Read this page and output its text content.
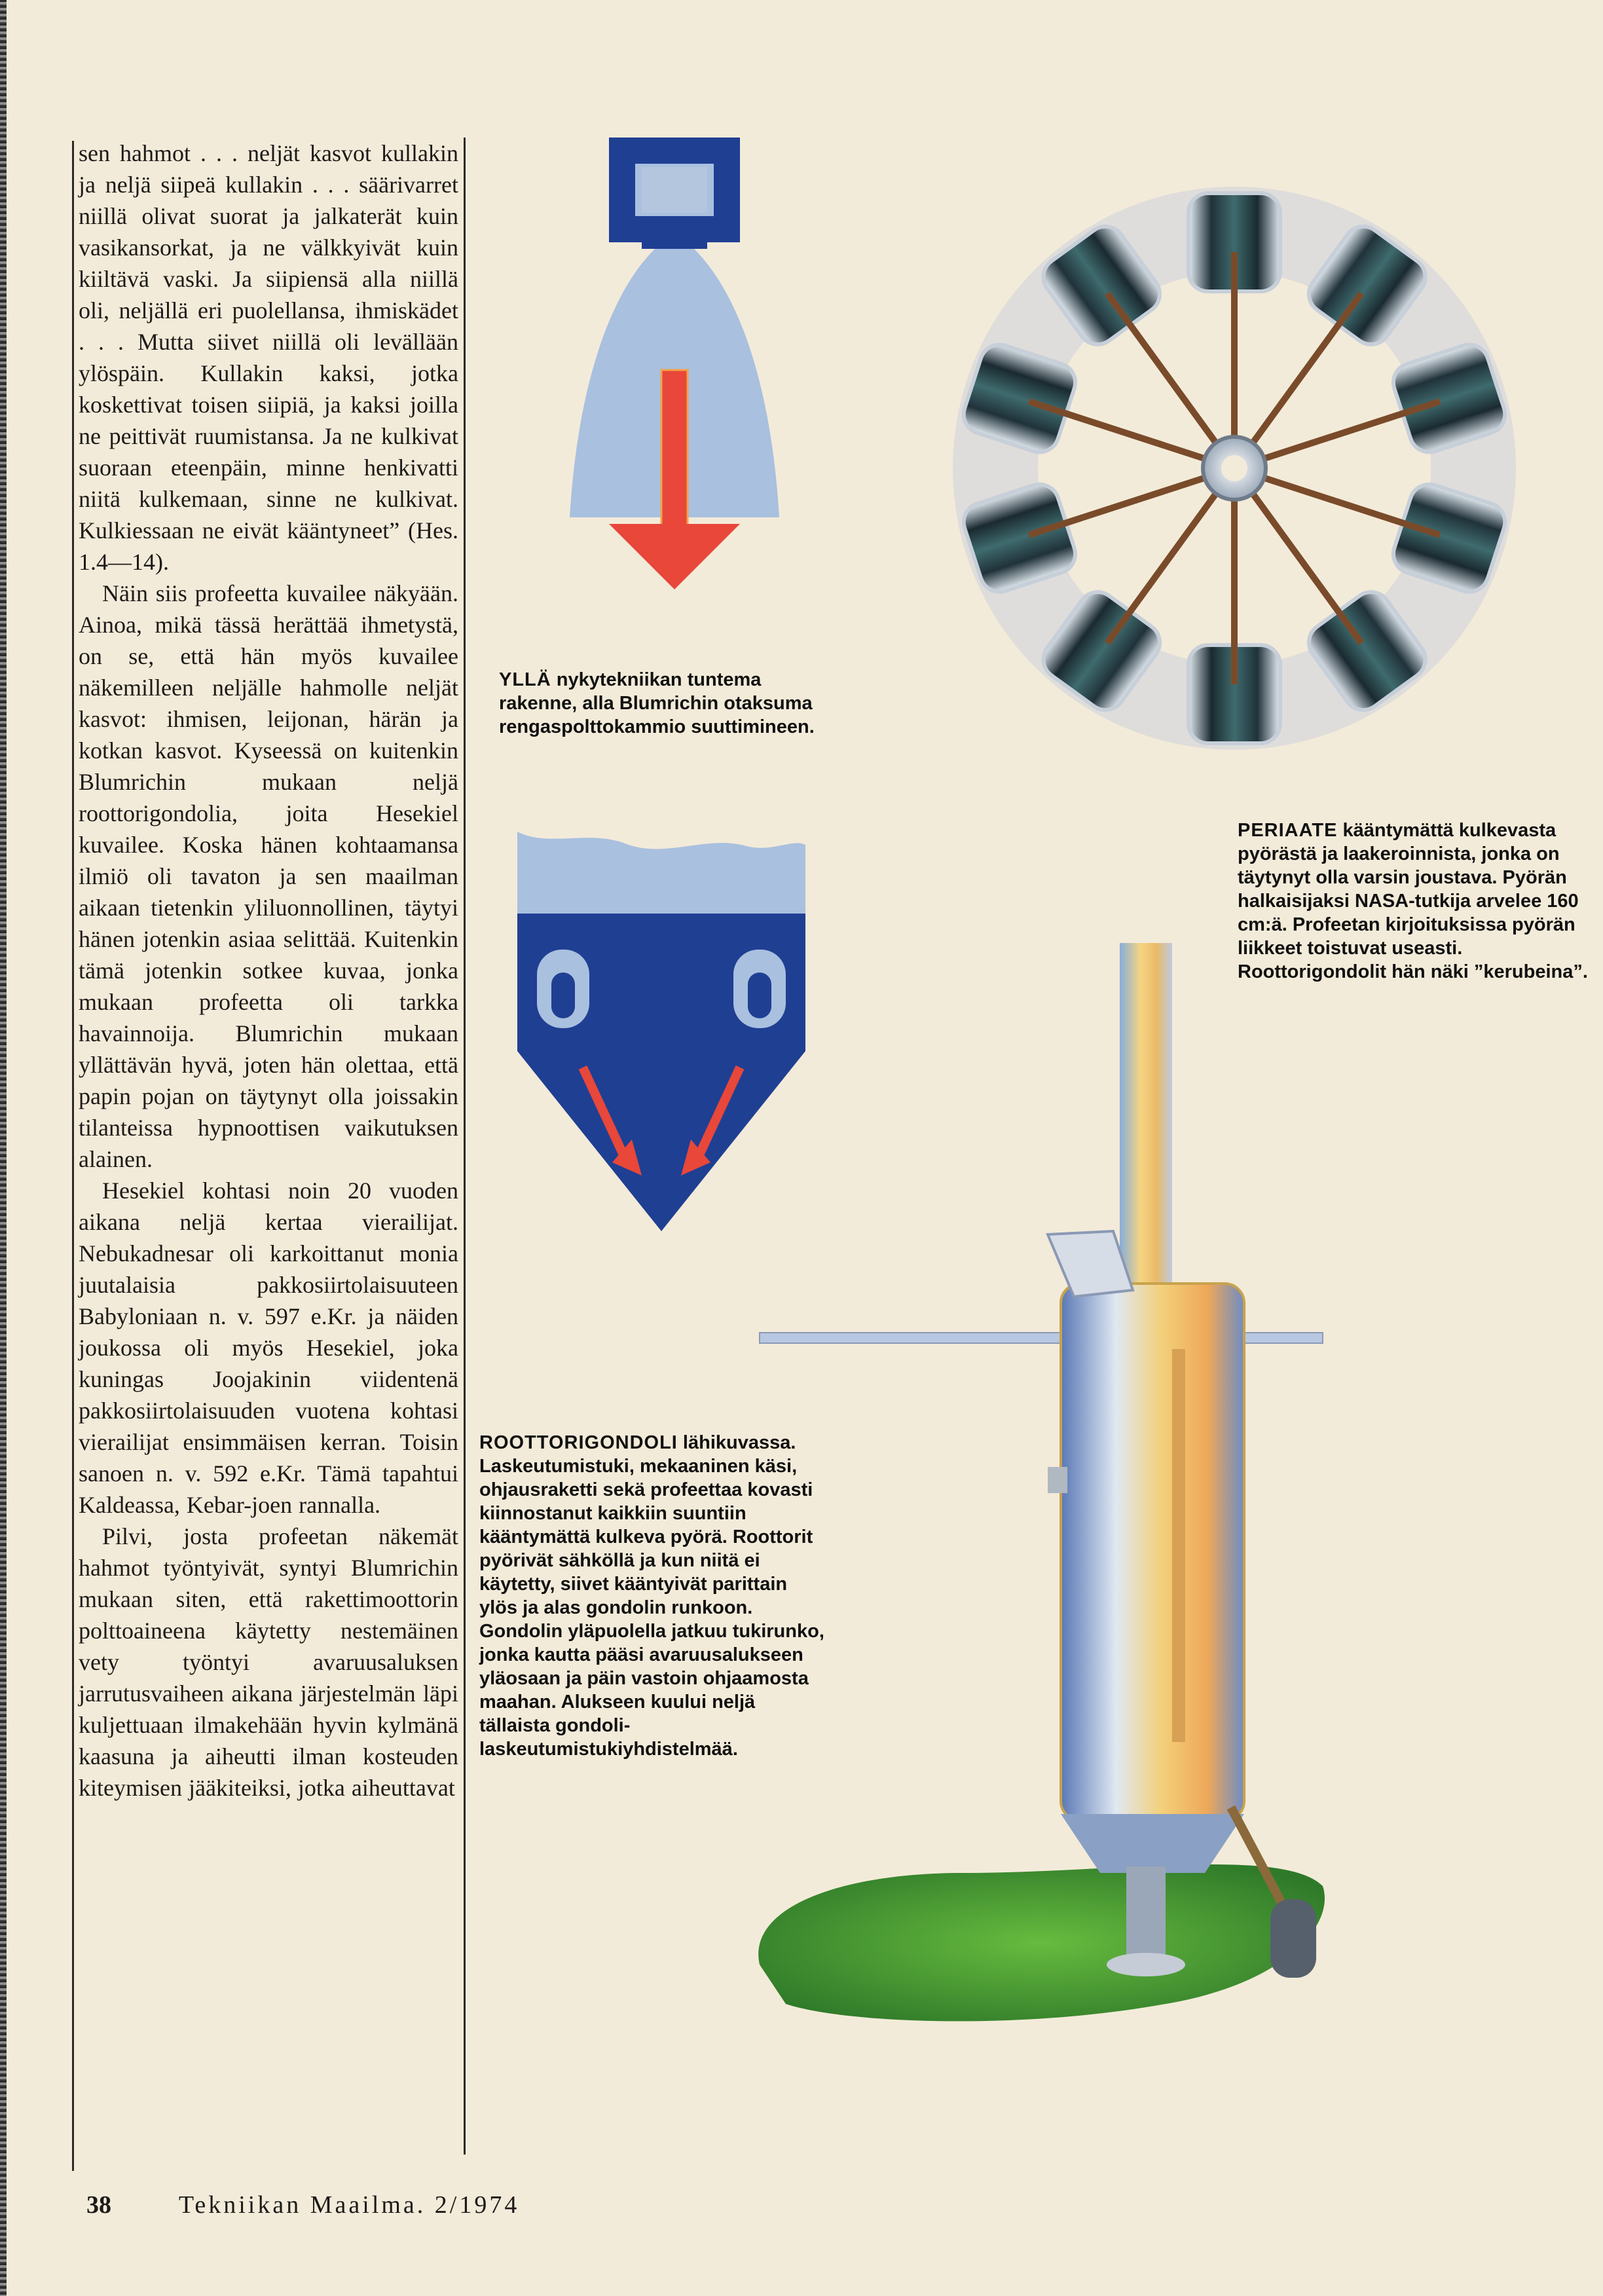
sen hahmot . . . neljät kasvot kullakin ja neljä siipeä kullakin . . . säärivarret niillä olivat suorat ja jalkaterät kuin vasikansorkat, ja ne välkkyivät kuin kiiltävä vaski. Ja siipiensä alla niillä oli, neljällä eri puolellansa, ihmiskädet . . . Mutta siivet niillä oli levällään ylöspäin. Kullakin kaksi, jotka koskettivat toisen siipiä, ja kaksi joilla ne peittivät ruumistansa. Ja ne kulkivat suoraan eteenpäin, minne henkivatti niitä kulkemaan, sinne ne kulkivat. Kulkiessaan ne eivät kääntyneet” (Hes. 1.4—14).

Näin siis profeetta kuvailee näkyään. Ainoa, mikä tässä herättää ihmetystä, on se, että hän myös kuvailee näkemilleen neljälle hahmolle neljät kasvot: ihmisen, leijonan, härän ja kotkan kasvot. Kyseessä on kuitenkin Blumrichin mukaan neljä roottorigondolia, joita Hesekiel kuvailee. Koska hänen kohtaamansa ilmiö oli tavaton ja sen maailman aikaan tietenkin yliluonnollinen, täytyi hänen jotenkin asiaa selittää. Kuitenkin tämä jotenkin sotkee kuvaa, jonka mukaan profeetta oli tarkka havainnoija. Blumrichin mukaan yllättävän hyvä, joten hän olettaa, että papin pojan on täytynyt olla joissakin tilanteissa hypnoottisen vaikutuksen alainen.

Hesekiel kohtasi noin 20 vuoden aikana neljä kertaa vierailijat. Nebukadnesar oli karkoittanut monia juutalaisia pakkosiirtolaisuuteen Babyloniaan n. v. 597 e.Kr. ja näiden joukossa oli myös Hesekiel, joka kuningas Joojakinin viidentenä pakkosiirtolaisuuden vuotena kohtasi vierailijat ensimmäisen kerran. Toisin sanoen n. v. 592 e.Kr. Tämä tapahtui Kaldeassa, Kebar-joen rannalla.

Pilvi, josta profeetan näkemät hahmot työntyivät, syntyi Blumrichin mukaan siten, että rakettimoottorin polttoaineena käytetty nestemäinen vety työntyi avaruusaluksen jarrutusvaiheen aikana järjestelmän läpi kuljettuaan ilmakehään hyvin kylmänä kaasuna ja aiheutti ilman kosteuden kiteymisen jääkiteiksi, jotka aiheuttavat

YLLÄ nykytekniikan tuntema rakenne, alla Blumrichin otaksuma rengaspolttokammio suuttimineen.
PERIAATE kääntymättä kulkevasta pyörästä ja laakeroinnista, jonka on täytynyt olla varsin joustava. Pyörän halkaisijaksi NASA-tutkija arvelee 160 cm:ä. Profeetan kirjoituksissa pyörän liikkeet toistuvat useasti. Roottorigondolit hän näki ”kerubeina”.
ROOTTORIGONDOLI lähikuvassa. Laskeutumistuki, mekaaninen käsi, ohjausraketti sekä profeettaa kovasti kiinnostanut kaikkiin suuntiin kääntymättä kulkeva pyörä. Roottorit pyörivät sähköllä ja kun niitä ei käytetty, siivet kääntyivät parittain ylös ja alas gondolin runkoon. Gondolin yläpuolella jatkuu tukirunko, jonka kautta pääsi avaruusalukseen yläosaan ja päin vastoin ohjaamosta maahan. Alukseen kuului neljä tällaista gondoli-laskeutumistukiyhdistelmää.
38	Tekniikan Maailma. 2/1974
